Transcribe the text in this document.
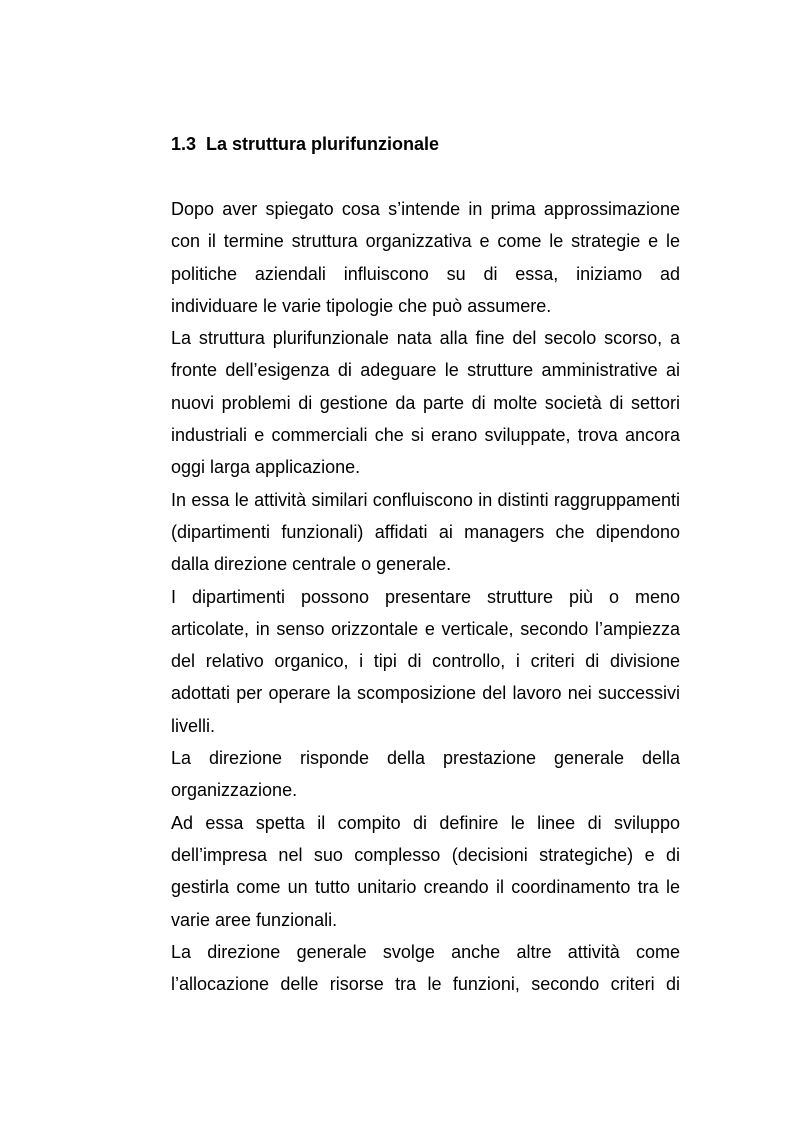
1.3  La struttura plurifunzionale

Dopo aver spiegato cosa s’intende in prima approssimazione con il termine struttura organizzativa e come le strategie e le politiche aziendali influiscono su di essa, iniziamo ad individuare le varie tipologie che può assumere.

La struttura plurifunzionale nata alla fine del secolo scorso, a fronte dell’esigenza di adeguare le strutture amministrative ai nuovi problemi di gestione da parte di molte società di settori industriali e commerciali che si erano sviluppate, trova ancora oggi larga applicazione.

In essa le attività similari confluiscono in distinti raggruppamenti (dipartimenti funzionali) affidati ai managers che dipendono dalla direzione centrale o generale.

I dipartimenti possono presentare strutture più o meno articolate, in senso orizzontale e verticale, secondo l’ampiezza del relativo organico, i tipi di controllo, i criteri di divisione adottati per operare la scomposizione del lavoro nei successivi livelli.

La direzione risponde della prestazione generale della organizzazione.

Ad essa spetta il compito di definire le linee di sviluppo dell’impresa nel suo complesso (decisioni strategiche) e di gestirla come un tutto unitario creando il coordinamento tra le varie aree funzionali.

La direzione generale svolge anche altre attività come l’allocazione delle risorse tra le funzioni, secondo criteri di
